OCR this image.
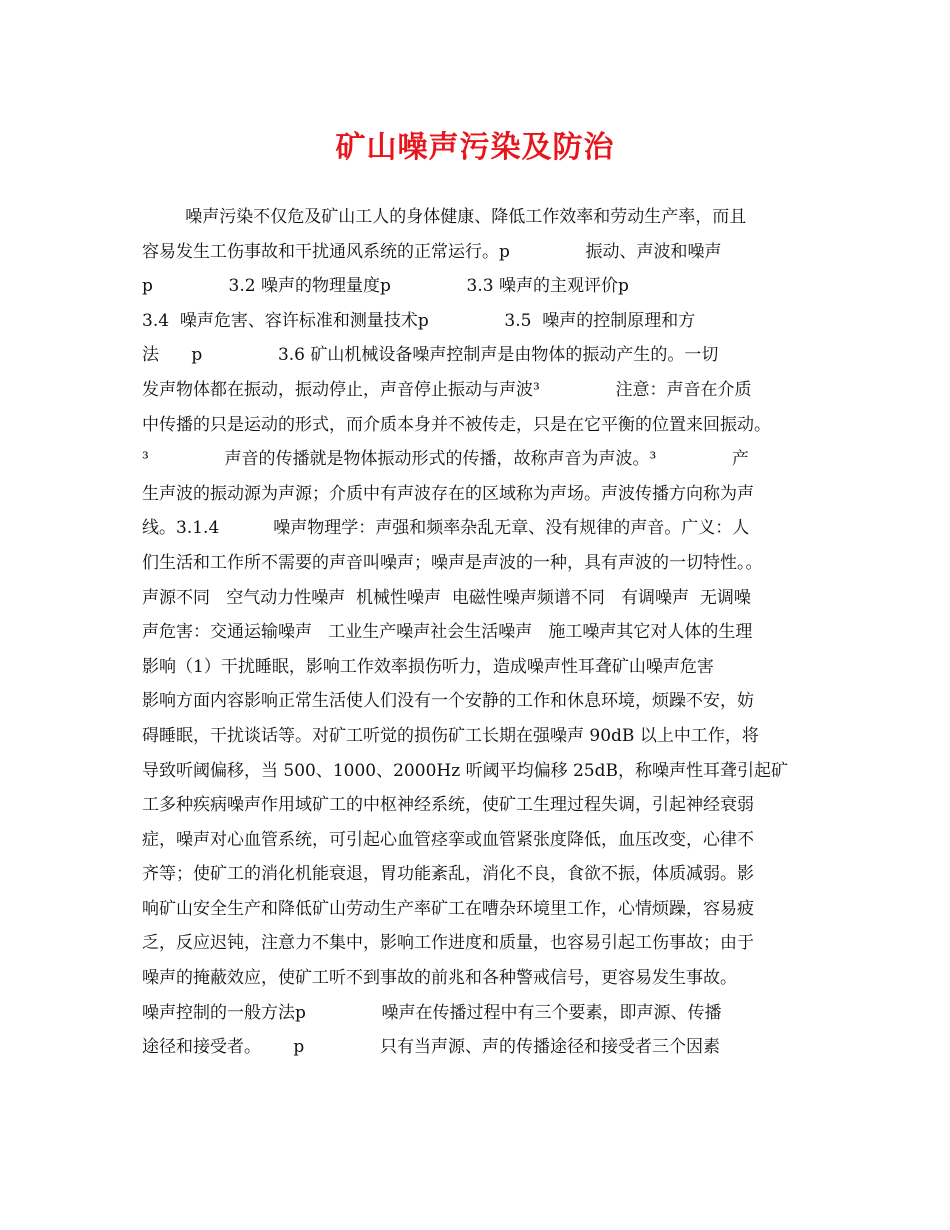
矿山噪声污染及防治
噪声污染不仅危及矿山工人的身体健康、降低工作效率和劳动生产率，而且
容易发生工伤事故和干扰通风系统的正常运行。p              振动、声波和噪声
p              3.2 噪声的物理量度p              3.3 噪声的主观评价p
3.4  噪声危害、容许标准和测量技术p              3.5  噪声的控制原理和方
法      p              3.6 矿山机械设备噪声控制声是由物体的振动产生的。一切
发声物体都在振动，振动停止，声音停止振动与声波³              注意：声音在介质
中传播的只是运动的形式，而介质本身并不被传走，只是在它平衡的位置来回振动。
³              声音的传播就是物体振动形式的传播，故称声音为声波。³              产
生声波的振动源为声源；介质中有声波存在的区域称为声场。声波传播方向称为声
线。3.1.4          噪声物理学：声强和频率杂乱无章、没有规律的声音。广义：人
们生活和工作所不需要的声音叫噪声；噪声是声波的一种，具有声波的一切特性。。
声源不同   空气动力性噪声  机械性噪声  电磁性噪声频谱不同   有调噪声  无调噪
声危害：交通运输噪声   工业生产噪声社会生活噪声   施工噪声其它对人体的生理
影响（1）干扰睡眠，影响工作效率损伤听力，造成噪声性耳聋矿山噪声危害
影响方面内容影响正常生活使人们没有一个安静的工作和休息环境，烦躁不安，妨
碍睡眠，干扰谈话等。对矿工听觉的损伤矿工长期在强噪声 90dB 以上中工作，将
导致听阈偏移，当 500、1000、2000Hz 听阈平均偏移 25dB，称噪声性耳聋引起矿
工多种疾病噪声作用域矿工的中枢神经系统，使矿工生理过程失调，引起神经衰弱
症，噪声对心血管系统，可引起心血管痉挛或血管紧张度降低，血压改变，心律不
齐等；使矿工的消化机能衰退，胃功能紊乱，消化不良，食欲不振，体质减弱。影
响矿山安全生产和降低矿山劳动生产率矿工在嘈杂环境里工作，心情烦躁，容易疲
乏，反应迟钝，注意力不集中，影响工作进度和质量，也容易引起工伤事故；由于
噪声的掩蔽效应，使矿工听不到事故的前兆和各种警戒信号，更容易发生事故。
噪声控制的一般方法p              噪声在传播过程中有三个要素，即声源、传播
途径和接受者。      p              只有当声源、声的传播途径和接受者三个因素
